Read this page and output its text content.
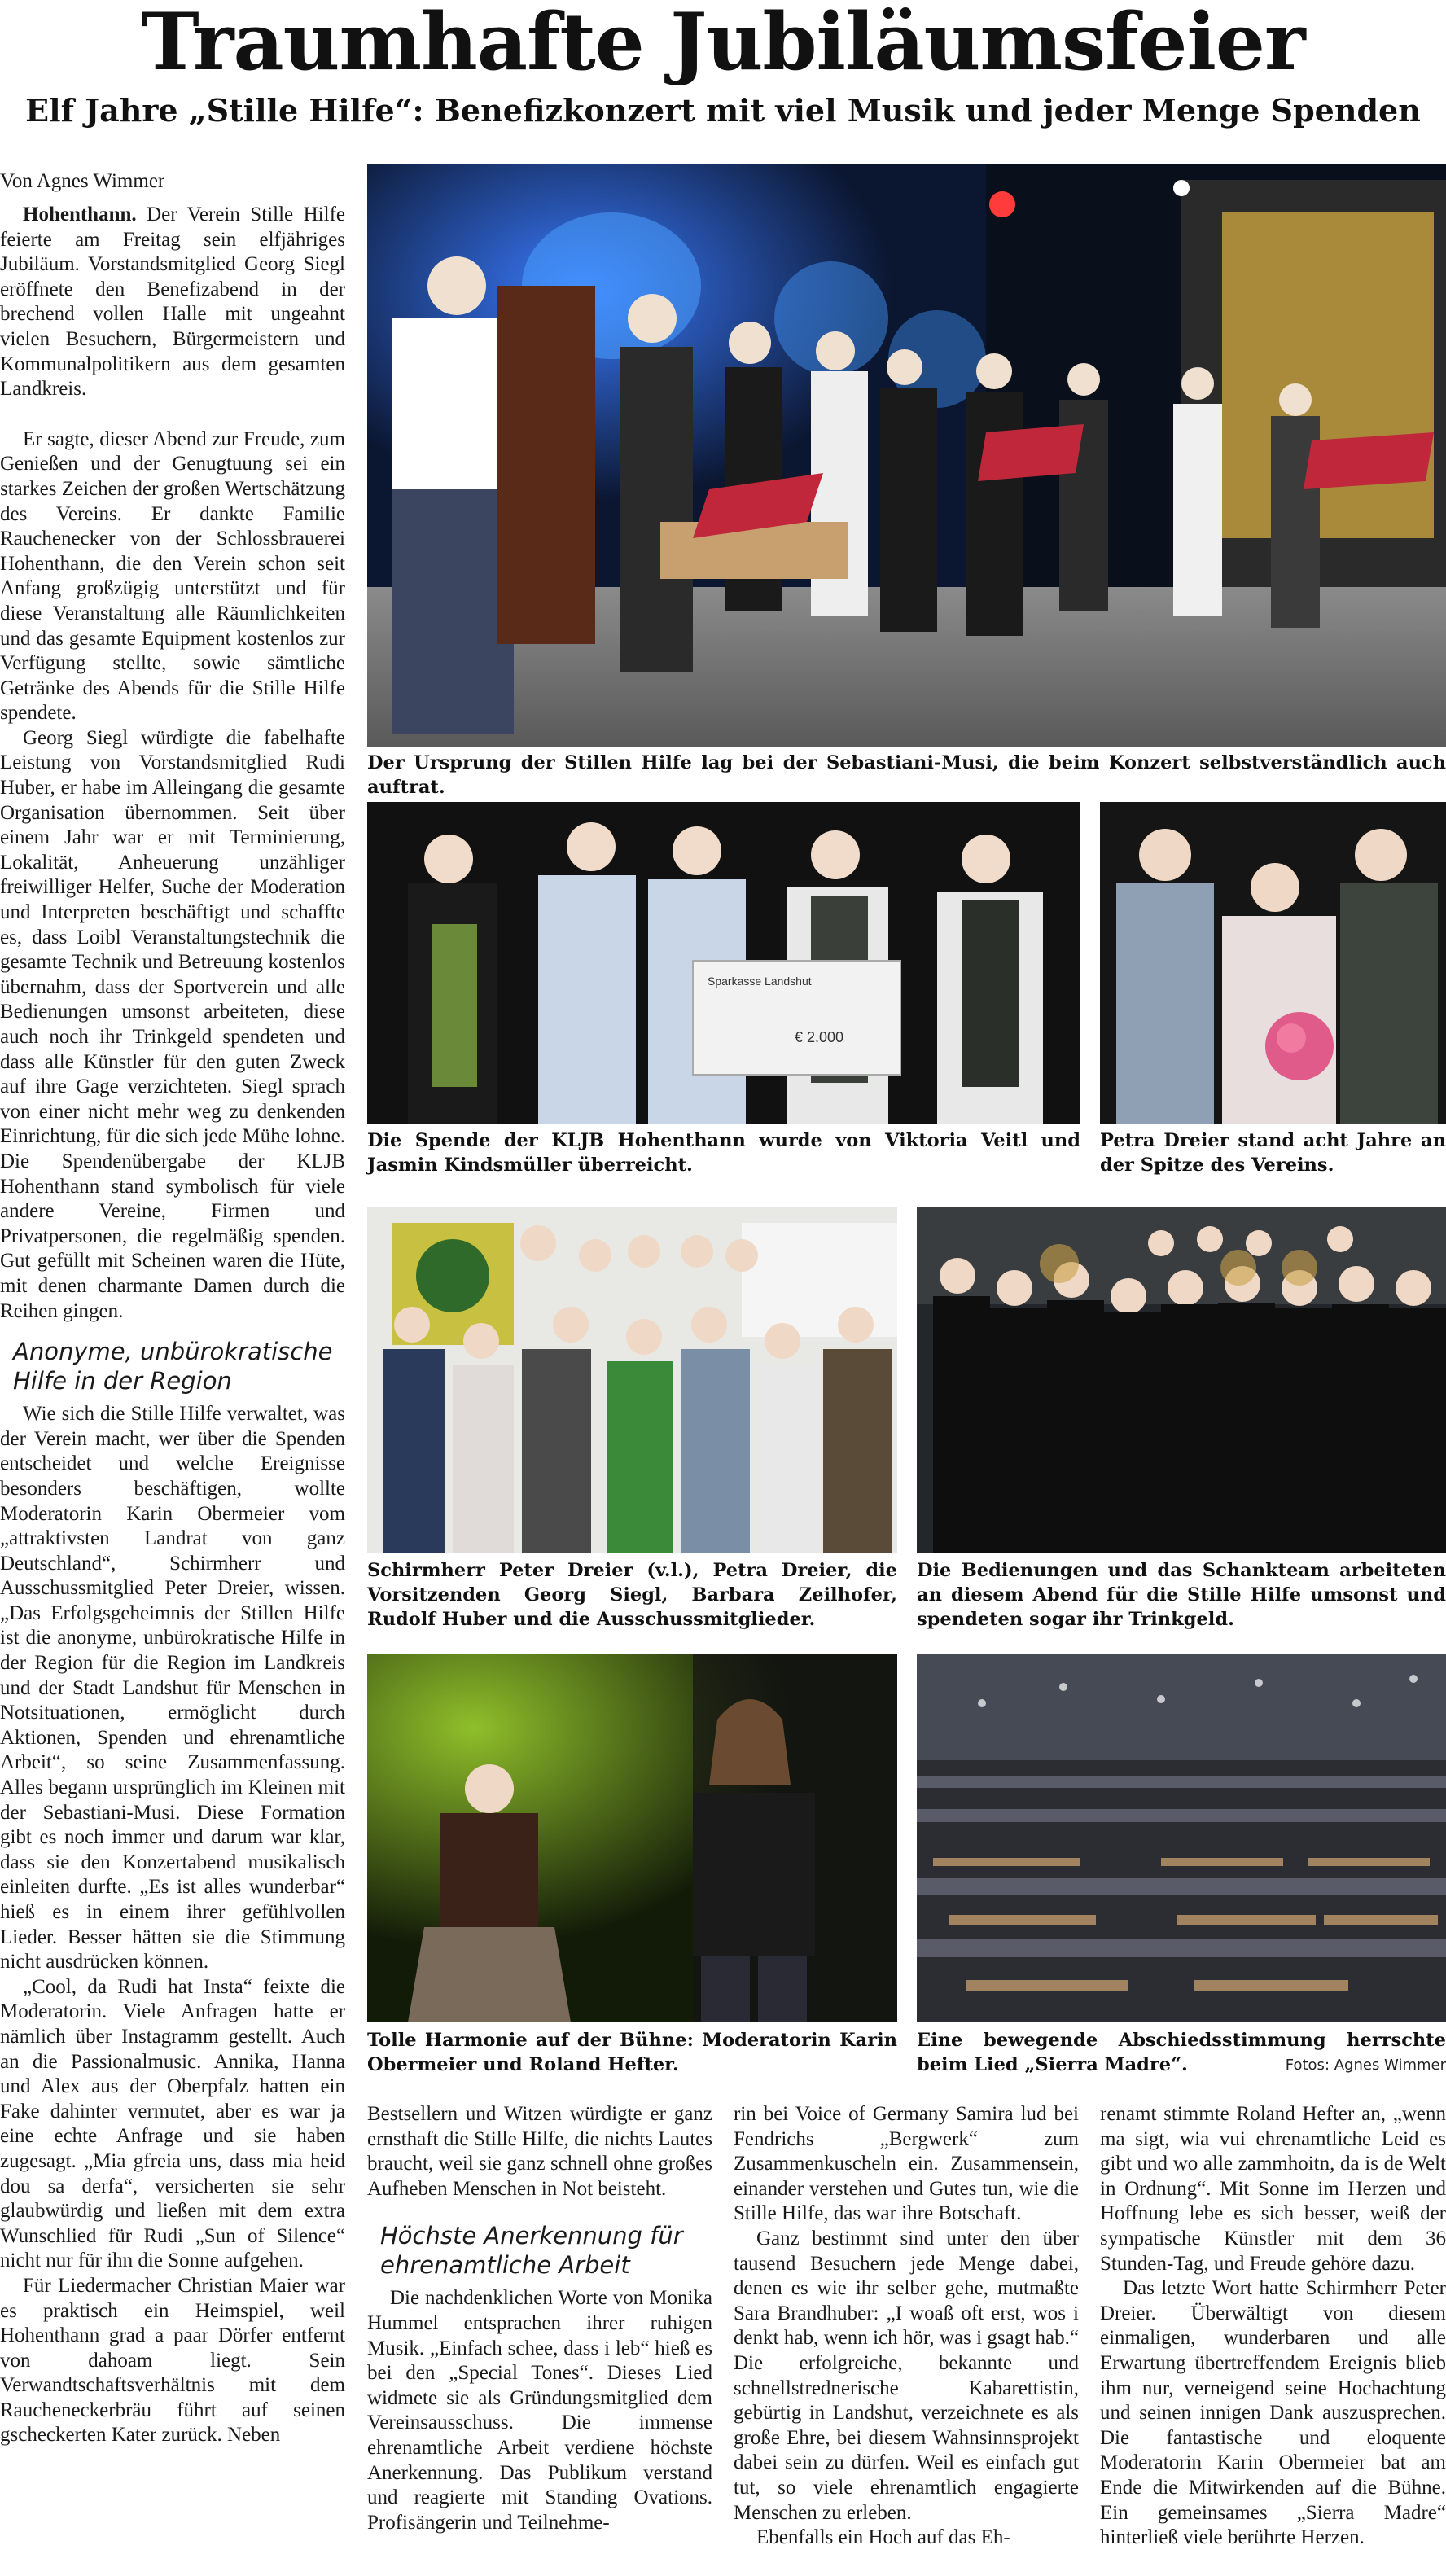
Traumhafte Jubiläumsfeier
Elf Jahre „Stille Hilfe“: Benefizkonzert mit viel Musik und jeder Menge Spenden
Von Agnes Wimmer

Hohenthann. Der Verein Stille Hilfe feierte am Freitag sein elfjähriges Jubiläum. Vorstandsmitglied Georg Siegl eröffnete den Benefizabend in der brechend vollen Halle mit ungeahnt vielen Besuchern, Bürgermeistern und Kommunalpolitikern aus dem gesamten Landkreis.

Er sagte, dieser Abend zur Freude, zum Genießen und der Genugtuung sei ein starkes Zeichen der großen Wertschätzung des Vereins. Er dankte Familie Rauchenecker von der Schlossbrauerei Hohenthann, die den Verein schon seit Anfang großzügig unterstützt und für diese Veranstaltung alle Räumlichkeiten und das gesamte Equipment kostenlos zur Verfügung stellte, sowie sämtliche Getränke des Abends für die Stille Hilfe spendete.

Georg Siegl würdigte die fabelhafte Leistung von Vorstandsmitglied Rudi Huber, er habe im Alleingang die gesamte Organisation übernommen. Seit über einem Jahr war er mit Terminierung, Lokalität, Anheuerung unzähliger freiwilliger Helfer, Suche der Moderation und Interpreten beschäftigt und schaffte es, dass Loibl Veranstaltungstechnik die gesamte Technik und Betreuung kostenlos übernahm, dass der Sportverein und alle Bedienungen umsonst arbeiteten, diese auch noch ihr Trinkgeld spendeten und dass alle Künstler für den guten Zweck auf ihre Gage verzichteten. Siegl sprach von einer nicht mehr weg zu denkenden Einrichtung, für die sich jede Mühe lohne. Die Spendenübergabe der KLJB Hohenthann stand symbolisch für viele andere Vereine, Firmen und Privatpersonen, die regelmäßig spenden. Gut gefüllt mit Scheinen waren die Hüte, mit denen charmante Damen durch die Reihen gingen.

Anonyme, unbürokratische Hilfe in der Region

Wie sich die Stille Hilfe verwaltet, was der Verein macht, wer über die Spenden entscheidet und welche Ereignisse besonders beschäftigen, wollte Moderatorin Karin Obermeier vom „attraktivsten Landrat von ganz Deutschland“, Schirmherr und Ausschussmitglied Peter Dreier, wissen. „Das Erfolgsgeheimnis der Stillen Hilfe ist die anonyme, unbürokratische Hilfe in der Region für die Region im Landkreis und der Stadt Landshut für Menschen in Notsituationen, ermöglicht durch Aktionen, Spenden und ehrenamtliche Arbeit“, so seine Zusammenfassung. Alles begann ursprünglich im Kleinen mit der Sebastiani-Musi. Diese Formation gibt es noch immer und darum war klar, dass sie den Konzertabend musikalisch einleiten durfte. „Es ist alles wunderbar“ hieß es in einem ihrer gefühlvollen Lieder. Besser hätten sie die Stimmung nicht ausdrücken können.

„Cool, da Rudi hat Insta“ feixte die Moderatorin. Viele Anfragen hatte er nämlich über Instagramm gestellt. Auch an die Passionalmusic. Annika, Hanna und Alex aus der Oberpfalz hatten ein Fake dahinter vermutet, aber es war ja eine echte Anfrage und sie haben zugesagt. „Mia gfreia uns, dass mia heid dou sa derfa“, versicherten sie sehr glaubwürdig und ließen mit dem extra Wunschlied für Rudi „Sun of Silence“ nicht nur für ihn die Sonne aufgehen.

Für Liedermacher Christian Maier war es praktisch ein Heimspiel, weil Hohenthann grad a paar Dörfer entfernt von dahoam liegt. Sein Verwandtschaftsverhältnis mit dem Raucheneckerbräu führt auf seinen gscheckerten Kater zurück. Neben

Der Ursprung der Stillen Hilfe lag bei der Sebastiani-Musi, die beim Konzert selbstverständlich auch auftrat.
Sparkasse Landshut
€ 2.000
Die Spende der KLJB Hohenthann wurde von Viktoria Veitl und Jasmin Kindsmüller überreicht.
Petra Dreier stand acht Jahre an der Spitze des Vereins.
Schirmherr Peter Dreier (v.l.), Petra Dreier, die Vorsitzenden Georg Siegl, Barbara Zeilhofer, Rudolf Huber und die Ausschussmitglieder.
Die Bedienungen und das Schankteam arbeiteten an diesem Abend für die Stille Hilfe umsonst und spendeten sogar ihr Trinkgeld.
Tolle Harmonie auf der Bühne: Moderatorin Karin Obermeier und Roland Hefter.
Eine bewegende Abschiedsstimmung herrschte beim Lied „Sierra Madre“.	Fotos: Agnes Wimmer

Bestsellern und Witzen würdigte er ganz ernsthaft die Stille Hilfe, die nichts Lautes braucht, weil sie ganz schnell ohne großes Aufheben Menschen in Not beisteht.

Höchste Anerkennung für ehrenamtliche Arbeit

Die nachdenklichen Worte von Monika Hummel entsprachen ihrer ruhigen Musik. „Einfach schee, dass i leb“ hieß es bei den „Special Tones“. Dieses Lied widmete sie als Gründungsmitglied dem Vereinsausschuss. Die immense ehrenamtliche Arbeit verdiene höchste Anerkennung. Das Publikum verstand und reagierte mit Standing Ovations. Profisängerin und Teilnehme-

rin bei Voice of Germany Samira lud bei Fendrichs „Bergwerk“ zum Zusammenkuscheln ein. Zusammensein, einander verstehen und Gutes tun, wie die Stille Hilfe, das war ihre Botschaft.

Ganz bestimmt sind unter den über tausend Besuchern jede Menge dabei, denen es wie ihr selber gehe, mutmaßte Sara Brandhuber: „I woaß oft erst, wos i denkt hab, wenn ich hör, was i gsagt hab.“ Die erfolgreiche, bekannte und schnellstrednerische Kabarettistin, gebürtig in Landshut, verzeichnete es als große Ehre, bei diesem Wahnsinnsprojekt dabei sein zu dürfen. Weil es einfach gut tut, so viele ehrenamtlich engagierte Menschen zu erleben.

Ebenfalls ein Hoch auf das Eh-

renamt stimmte Roland Hefter an, „wenn ma sigt, wia vui ehrenamtliche Leid es gibt und wo alle zammhoitn, da is de Welt in Ordnung“. Mit Sonne im Herzen und Hoffnung lebe es sich besser, weiß der sympatische Künstler mit dem 36 Stunden-Tag, und Freude gehöre dazu.

Das letzte Wort hatte Schirmherr Peter Dreier. Überwältigt von diesem einmaligen, wunderbaren und alle Erwartung übertreffendem Ereignis blieb ihm nur, verneigend seine Hochachtung und seinen innigen Dank auszusprechen. Die fantastische und eloquente Moderatorin Karin Obermeier bat am Ende die Mitwirkenden auf die Bühne. Ein gemeinsames „Sierra Madre“ hinterließ viele berührte Herzen.
